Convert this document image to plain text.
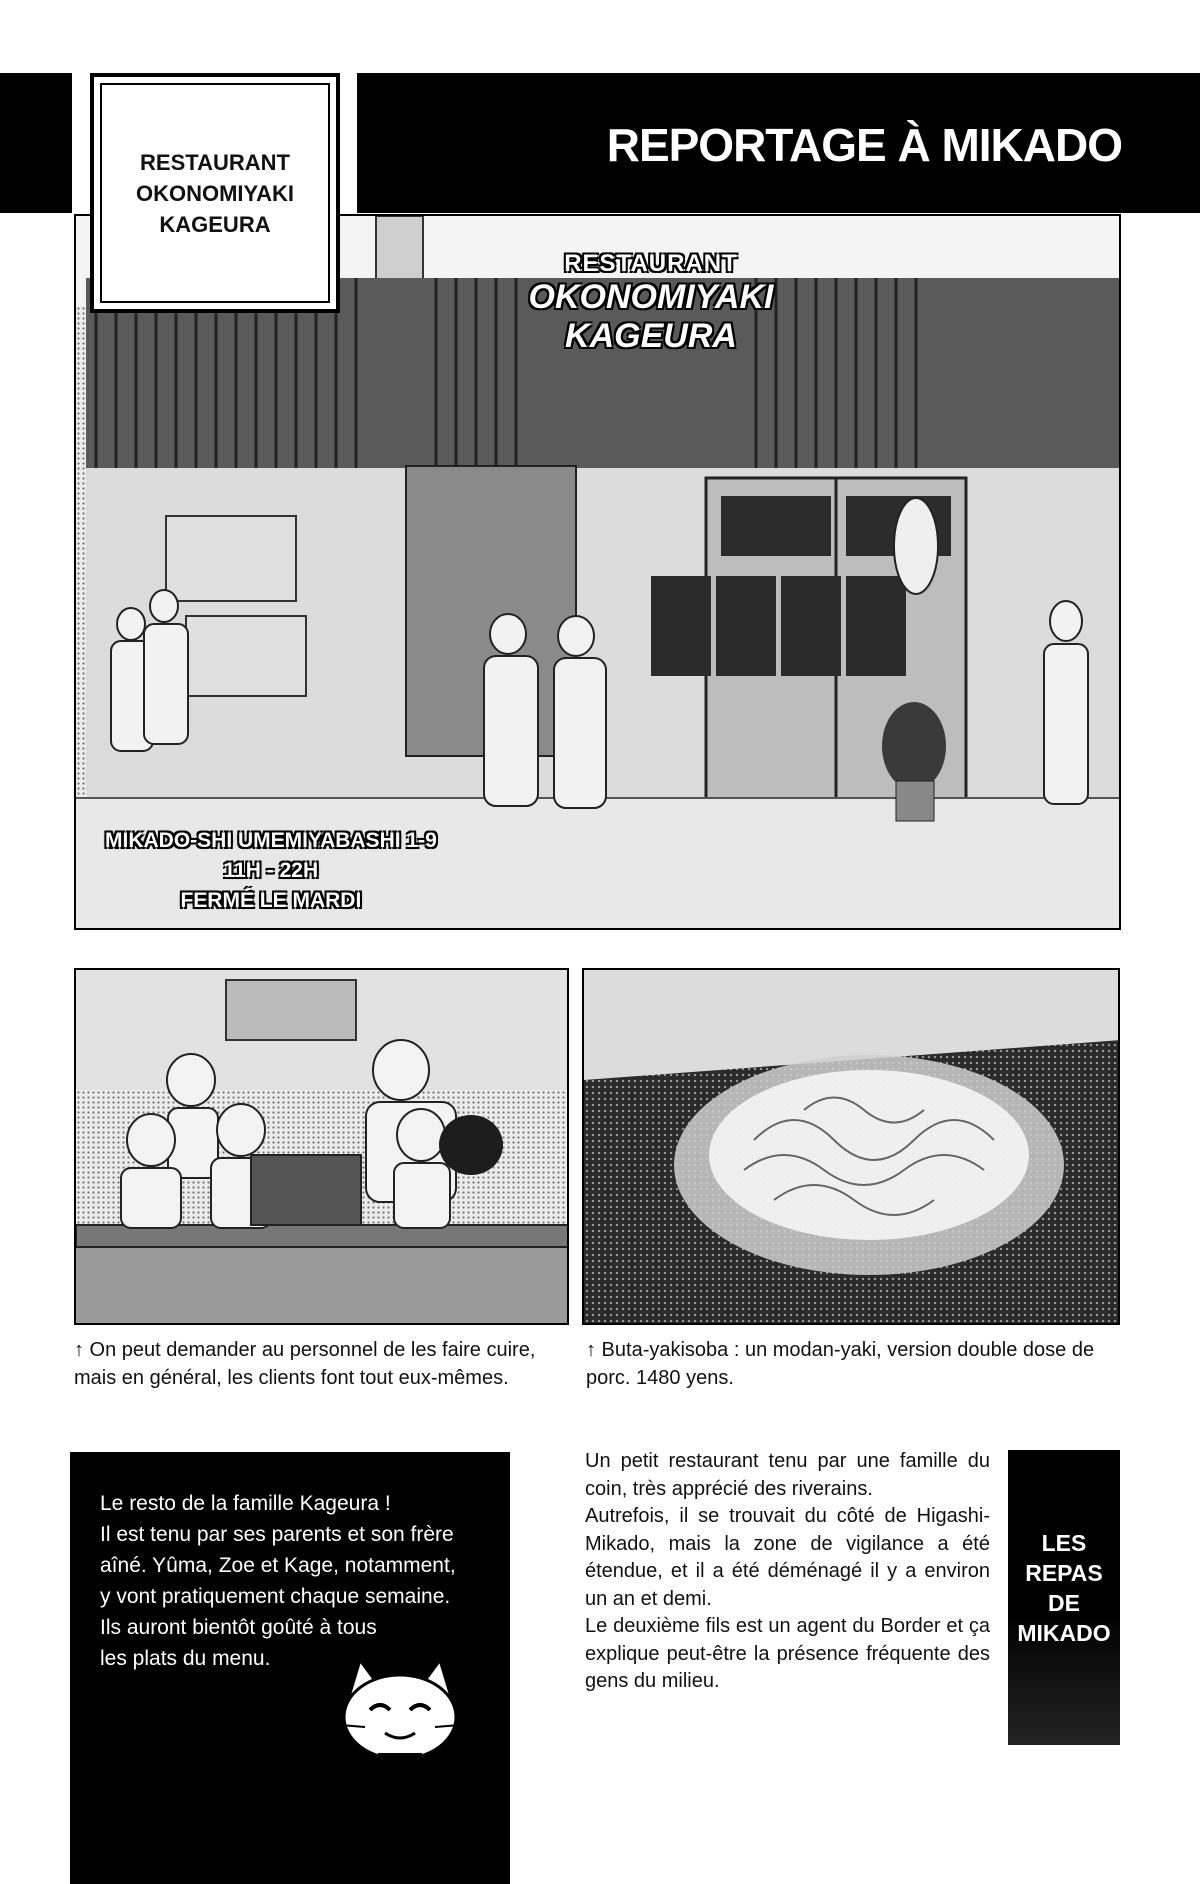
REPORTAGE À MIKADO
RESTAURANT
OKONOMIYAKI
KAGEURA
RESTAURANT
OKONOMIYAKI
KAGEURA
MIKADO-SHI UMEMIYABASHI 1-9
11H - 22H
FERMÉ LE MARDI
↑ On peut demander au personnel de les faire cuire, mais en général, les clients font tout eux-mêmes.
↑ Buta-yakisoba : un modan-yaki, version double dose de porc. 1480 yens.
Le resto de la famille Kageura !
Il est tenu par ses parents et son frère
aîné. Yûma, Zoe et Kage, notamment,
y vont pratiquement chaque semaine.
Ils auront bientôt goûté à tous
les plats du menu.
Un petit restaurant tenu par une famille du coin, très apprécié des riverains.
Autrefois, il se trouvait du côté de Higashi-Mikado, mais la zone de vigilance a été étendue, et il a été déménagé il y a environ un an et demi.
Le deuxième fils est un agent du Border et ça explique peut-être la présence fréquente des gens du milieu.
LES
REPAS
DE
MIKADO
